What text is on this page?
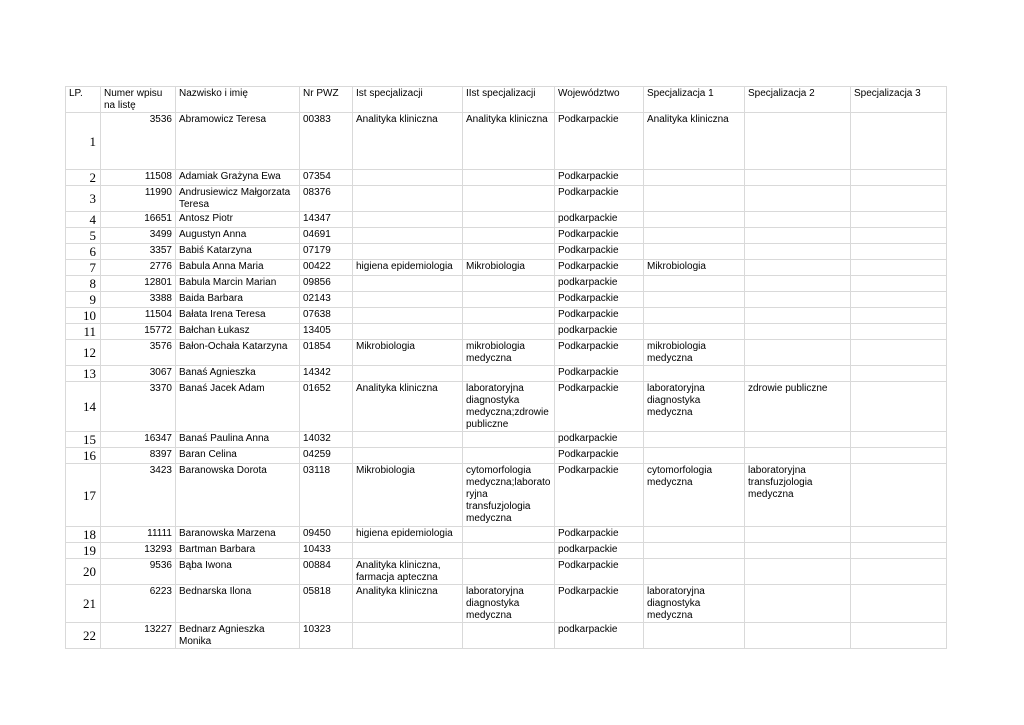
LP.	Numer wpisu na listę	Nazwisko i imię	Nr PWZ	Ist specjalizacji	IIst specjalizacji	Województwo	Specjalizacja 1	Specjalizacja 2	Specjalizacja 3
1	3536	Abramowicz Teresa	00383	Analityka kliniczna	Analityka kliniczna	Podkarpackie	Analityka kliniczna		
2	11508	Adamiak Grażyna Ewa	07354			Podkarpackie			
3	11990	Andrusiewicz Małgorzata Teresa	08376			Podkarpackie			
4	16651	Antosz Piotr	14347			podkarpackie			
5	3499	Augustyn Anna	04691			Podkarpackie			
6	3357	Babiś Katarzyna	07179			Podkarpackie			
7	2776	Babula Anna Maria	00422	higiena epidemiologia	Mikrobiologia	Podkarpackie	Mikrobiologia		
8	12801	Babula Marcin Marian	09856			podkarpackie			
9	3388	Baida Barbara	02143			Podkarpackie			
10	11504	Bałata Irena Teresa	07638			Podkarpackie			
11	15772	Bałchan Łukasz	13405			podkarpackie			
12	3576	Bałon-Ochała Katarzyna	01854	Mikrobiologia	mikrobiologia medyczna	Podkarpackie	mikrobiologia medyczna		
13	3067	Banaś Agnieszka	14342			Podkarpackie			
14	3370	Banaś Jacek Adam	01652	Analityka kliniczna	laboratoryjna diagnostyka medyczna;zdrowie publiczne	Podkarpackie	laboratoryjna diagnostyka medyczna	zdrowie publiczne	
15	16347	Banaś Paulina Anna	14032			podkarpackie			
16	8397	Baran Celina	04259			Podkarpackie			
17	3423	Baranowska Dorota	03118	Mikrobiologia	cytomorfologia medyczna;laboratoryjna transfuzjologia medyczna	Podkarpackie	cytomorfologia medyczna	laboratoryjna transfuzjologia medyczna	
18	11111	Baranowska Marzena	09450	higiena epidemiologia		Podkarpackie			
19	13293	Bartman Barbara	10433			podkarpackie			
20	9536	Bąba Iwona	00884	Analityka kliniczna, farmacja aptecznа		Podkarpackie			
21	6223	Bednarska Ilona	05818	Analityka kliniczna	laboratoryjna diagnostyka medyczna	Podkarpackie	laboratoryjna diagnostyka medyczna		
22	13227	Bednarz Agnieszka Monika	10323			podkarpackie			
